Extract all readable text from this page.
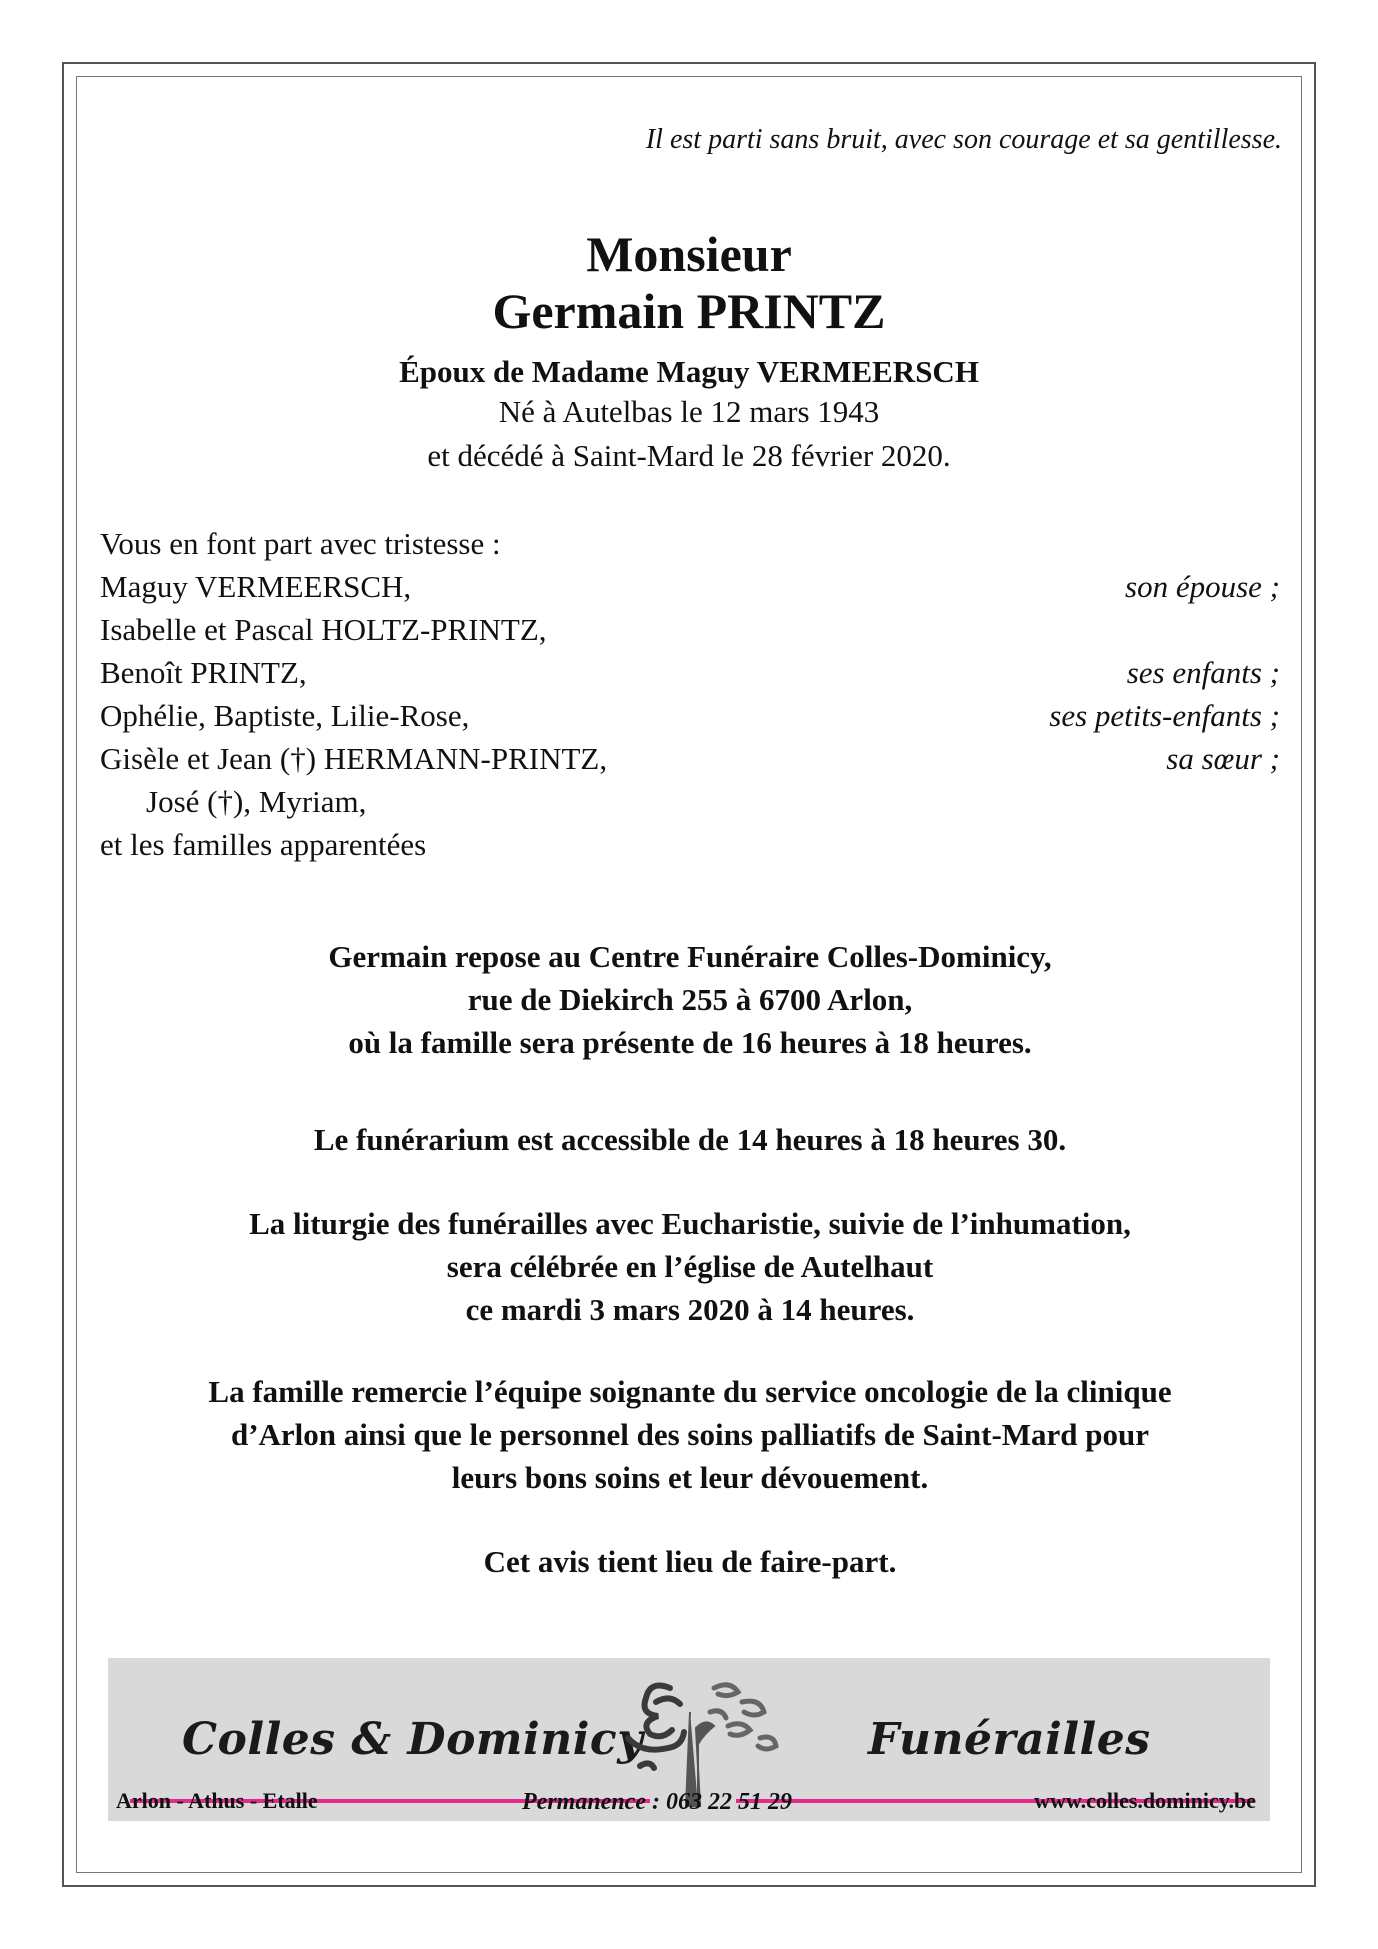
Il est parti sans bruit, avec son courage et sa gentillesse.
Monsieur
Germain PRINTZ
Époux de Madame Maguy VERMEERSCH
Né à Autelbas le 12 mars 1943
et décédé à Saint-Mard le 28 février 2020.
Vous en font part avec tristesse :
Maguy VERMEERSCH,	son épouse ;
Isabelle et Pascal HOLTZ-PRINTZ,
Benoît PRINTZ,	ses enfants ;
Ophélie, Baptiste, Lilie-Rose,	ses petits-enfants ;
Gisèle et Jean (†) HERMANN-PRINTZ,	sa sœur ;
José (†), Myriam,
et les familles apparentées
Germain repose au Centre Funéraire Colles-Dominicy,
rue de Diekirch 255 à 6700 Arlon,
où la famille sera présente de 16 heures à 18 heures.
Le funérarium est accessible de 14 heures à 18 heures 30.
La liturgie des funérailles avec Eucharistie, suivie de l’inhumation,
sera célébrée en l’église de Autelhaut
ce mardi 3 mars 2020 à 14 heures.
La famille remercie l’équipe soignante du service oncologie de la clinique
d’Arlon ainsi que le personnel des soins palliatifs de Saint-Mard pour
leurs bons soins et leur dévouement.
Cet avis tient lieu de faire-part.
Colles & Dominicy	Funérailles
Arlon - Athus - Etalle	Permanence : 063 22 51 29	www.colles.dominicy.be
